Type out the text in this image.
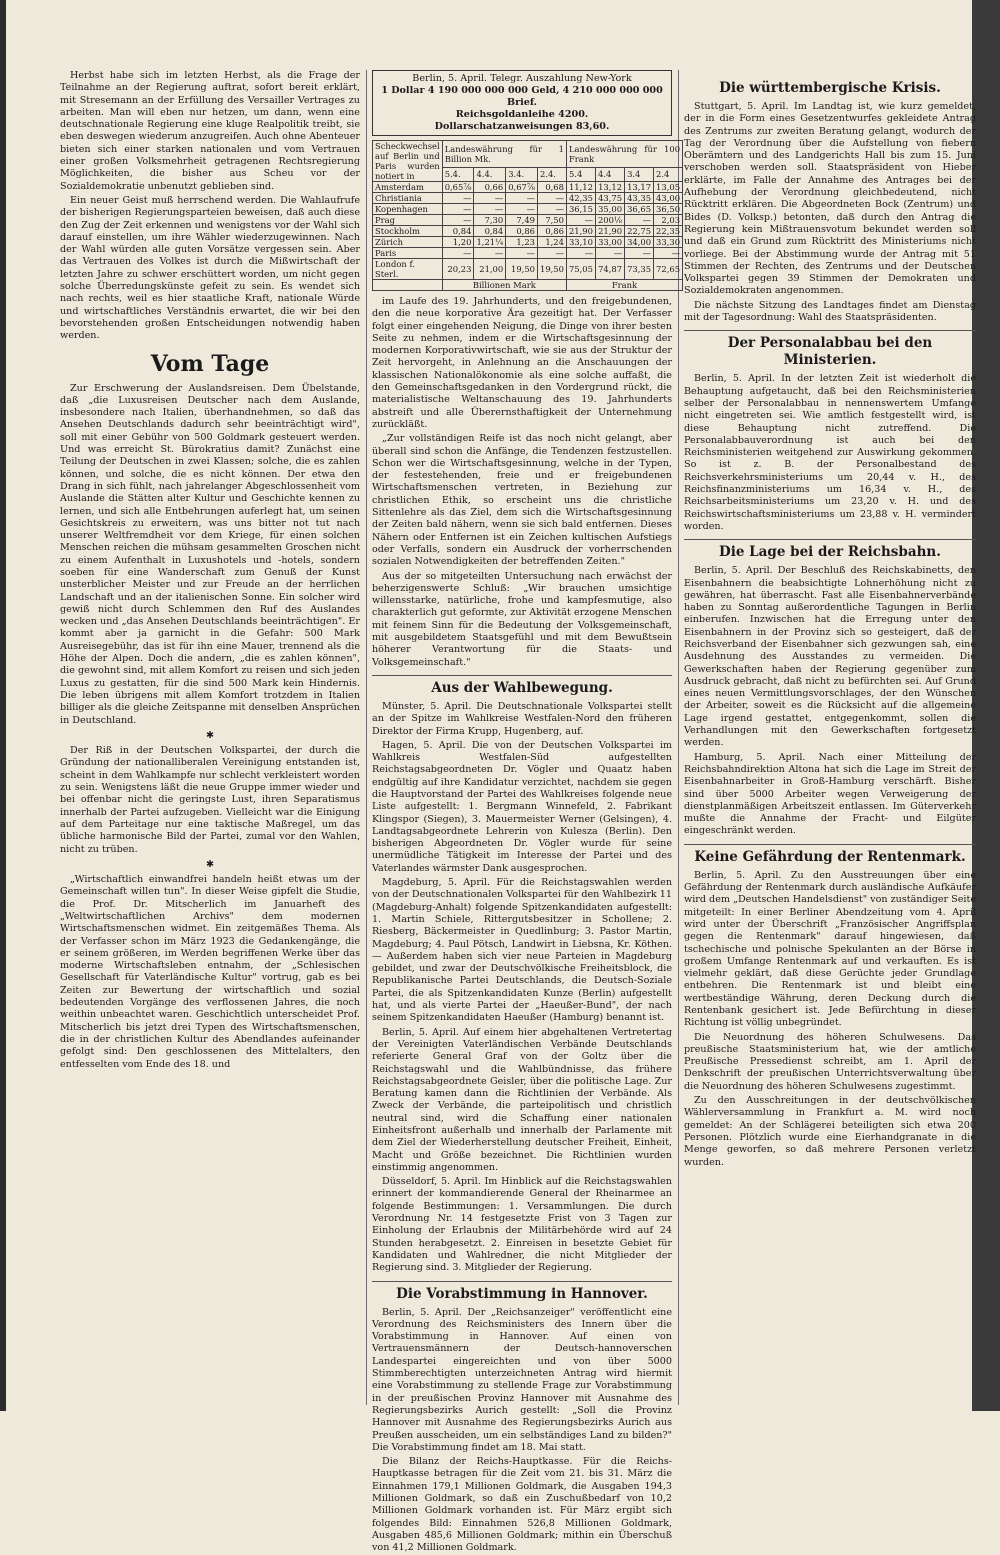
Herbst habe sich im letzten Herbst, als die Frage der Teilnahme an der Regierung auftrat, sofort bereit erklärt, mit Stresemann an der Erfüllung des Versailler Vertrages zu arbeiten. Man will eben nur hetzen, um dann, wenn eine deutschnationale Regierung eine kluge Realpolitik treibt, sie eben deswegen wiederum anzugreifen. Auch ohne Abenteuer bieten sich einer starken nationalen und vom Vertrauen einer großen Volksmehrheit getragenen Rechtsregierung Möglichkeiten, die bisher aus Scheu vor der Sozialdemokratie unbenutzt geblieben sind.

Ein neuer Geist muß herrschend werden. Die Wahlaufrufe der bisherigen Regierungsparteien beweisen, daß auch diese den Zug der Zeit erkennen und wenigstens vor der Wahl sich darauf einstellen, um ihre Wähler wiederzugewinnen. Nach der Wahl würden alle guten Vorsätze vergessen sein. Aber das Vertrauen des Volkes ist durch die Mißwirtschaft der letzten Jahre zu schwer erschüttert worden, um nicht gegen solche Überredungskünste gefeit zu sein. Es wendet sich nach rechts, weil es hier staatliche Kraft, nationale Würde und wirtschaftliches Verständnis erwartet, die wir bei den bevorstehenden großen Entscheidungen notwendig haben werden.

Vom Tage

Zur Erschwerung der Auslandsreisen. Dem Übelstande, daß „die Luxusreisen Deutscher nach dem Auslande, insbesondere nach Italien, überhandnehmen, so daß das Ansehen Deutschlands dadurch sehr beeinträchtigt wird", soll mit einer Gebühr von 500 Goldmark gesteuert werden. Und was erreicht St. Bürokratius damit? Zunächst eine Teilung der Deutschen in zwei Klassen; solche, die es zahlen können, und solche, die es nicht können. Der etwa den Drang in sich fühlt, nach jahrelanger Abgeschlossenheit vom Auslande die Stätten alter Kultur und Geschichte kennen zu lernen, und sich alle Entbehrungen auferlegt hat, um seinen Gesichtskreis zu erweitern, was uns bitter not tut nach unserer Weltfremdheit vor dem Kriege, für einen solchen Menschen reichen die mühsam gesammelten Groschen nicht zu einem Aufenthalt in Luxushotels und -hotels, sondern soeben für eine Wanderschaft zum Genuß der Kunst unsterblicher Meister und zur Freude an der herrlichen Landschaft und an der italienischen Sonne. Ein solcher wird gewiß nicht durch Schlemmen den Ruf des Auslandes wecken und „das Ansehen Deutschlands beeinträchtigen". Er kommt aber ja garnicht in die Gefahr: 500 Mark Ausreisegebühr, das ist für ihn eine Mauer, trennend als die Höhe der Alpen. Doch die andern, „die es zahlen können", die gewohnt sind, mit allem Komfort zu reisen und sich jeden Luxus zu gestatten, für die sind 500 Mark kein Hindernis. Die leben übrigens mit allem Komfort trotzdem in Italien billiger als die gleiche Zeitspanne mit denselben Ansprüchen in Deutschland.

✱

Der Riß in der Deutschen Volkspartei, der durch die Gründung der nationalliberalen Vereinigung entstanden ist, scheint in dem Wahlkampfe nur schlecht verkleistert worden zu sein. Wenigstens läßt die neue Gruppe immer wieder und bei offenbar nicht die geringste Lust, ihren Separatismus innerhalb der Partei aufzugeben. Vielleicht war die Einigung auf dem Parteitage nur eine taktische Maßregel, um das übliche harmonische Bild der Partei, zumal vor den Wahlen, nicht zu trüben.

✱

„Wirtschaftlich einwandfrei handeln heißt etwas um der Gemeinschaft willen tun". In dieser Weise gipfelt die Studie, die Prof. Dr. Mitscherlich im Januarheft des „Weltwirtschaftlichen Archivs" dem modernen Wirtschaftsmenschen widmet. Ein zeitgemäßes Thema. Als der Verfasser schon im März 1923 die Gedankengänge, die er seinem größeren, im Werden begriffenen Werke über das moderne Wirtschaftsleben entnahm, der „Schlesischen Gesellschaft für Vaterländische Kultur" vortrug, gab es bei Zeiten zur Bewertung der wirtschaftlich und sozial bedeutenden Vorgänge des verflossenen Jahres, die noch weithin unbeachtet waren. Geschichtlich unterscheidet Prof. Mitscherlich bis jetzt drei Typen des Wirtschaftsmenschen, die in der christlichen Kultur des Abendlandes aufeinander gefolgt sind: Den geschlossenen des Mittelalters, den entfesselten vom Ende des 18. und

Berlin, 5. April. Telegr. Auszahlung New-York
1 Dollar 4 190 000 000 000 Geld, 4 210 000 000 000 Brief.
Reichsgoldanleihe 4200.
Dollarschatzanweisungen 83,60.
Scheckwechsel auf Berlin und Paris wurden notiert in	Landeswährung für 1 Billion Mk.				Landeswährung für 100 Frank			
	5.4.	4.4.	3.4.	2.4.	5.4	4.4	3.4	2.4
Amsterdam	0,65⅞	0,66	0,67⅞	0,68	11,12	13,12	13,17	13,05
Christiania	—	—	—	—	42,35	43,75	43,35	43,00
Kopenhagen	—	—	—	—	36,15	35,00	36,65	36,50
Prag	—	7,30	7,49	7,50	—	200⅛	—	2,03
Stockholm	0,84	0,84	0,86	0,86	21,90	21,90	22,75	22,35
Zürich	1,20	1,21¼	1,23	1,24	33,10	33,00	34,00	33,30
Paris	—	—	—	—	—	—	—	—
London f. Sterl.	20,23	21,00	19,50	19,50	75,05	74,87	73,35	72,65
	Billionen Mark				Frank			

im Laufe des 19. Jahrhunderts, und den freigebundenen, den die neue korporative Ära gezeitigt hat. Der Verfasser folgt einer eingehenden Neigung, die Dinge von ihrer besten Seite zu nehmen, indem er die Wirtschaftsgesinnung der modernen Korporativwirtschaft, wie sie aus der Struktur der Zeit hervorgeht, in Anlehnung an die Anschauungen der klassischen Nationalökonomie als eine solche auffaßt, die den Gemeinschaftsgedanken in den Vordergrund rückt, die materialistische Weltanschauung des 19. Jahrhunderts abstreift und alle Überernsthaftigkeit der Unternehmung zurückläßt.

„Zur vollständigen Reife ist das noch nicht gelangt, aber überall sind schon die Anfänge, die Tendenzen festzustellen. Schon wer die Wirtschaftsgesinnung, welche in der Typen, der festestehenden, freie und er freigebundenen Wirtschaftsmenschen vertreten, in Beziehung zur christlichen Ethik, so erscheint uns die christliche Sittenlehre als das Ziel, dem sich die Wirtschaftsgesinnung der Zeiten bald nähern, wenn sie sich bald entfernen. Dieses Nähern oder Entfernen ist ein Zeichen kultischen Aufstiegs oder Verfalls, sondern ein Ausdruck der vorherrschenden sozialen Notwendigkeiten der betreffenden Zeiten."

Aus der so mitgeteilten Untersuchung nach erwächst der beherzigenswerte Schluß: „Wir brauchen umsichtige willensstarke, natürliche, frohe und kampfesmutige, also charakterlich gut geformte, zur Aktivität erzogene Menschen mit feinem Sinn für die Bedeutung der Volksgemeinschaft, mit ausgebildetem Staatsgefühl und mit dem Bewußtsein höherer Verantwortung für die Staats- und Volksgemeinschaft."

Aus der Wahlbewegung.

Münster, 5. April. Die Deutschnationale Volkspartei stellt an der Spitze im Wahlkreise Westfalen-Nord den früheren Direktor der Firma Krupp, Hugenberg, auf.

Hagen, 5. April. Die von der Deutschen Volkspartei im Wahlkreis Westfalen-Süd aufgestellten Reichstagsabgeordneten Dr. Vögler und Quaatz haben endgültig auf ihre Kandidatur verzichtet, nachdem sie gegen die Hauptvorstand der Partei des Wahlkreises folgende neue Liste aufgestellt: 1. Bergmann Winnefeld, 2. Fabrikant Klingspor (Siegen), 3. Mauermeister Werner (Gelsingen), 4. Landtagsabgeordnete Lehrerin von Kulesza (Berlin). Den bisherigen Abgeordneten Dr. Vögler wurde für seine unermüdliche Tätigkeit im Interesse der Partei und des Vaterlandes wärmster Dank ausgesprochen.

Magdeburg, 5. April. Für die Reichstagswahlen werden von der Deutschnationalen Volkspartei für den Wahlbezirk 11 (Magdeburg-Anhalt) folgende Spitzenkandidaten aufgestellt: 1. Martin Schiele, Rittergutsbesitzer in Schollene; 2. Riesberg, Bäckermeister in Quedlinburg; 3. Pastor Martin, Magdeburg; 4. Paul Pötsch, Landwirt in Liebsna, Kr. Köthen. — Außerdem haben sich vier neue Parteien in Magdeburg gebildet, und zwar der Deutschvölkische Freiheitsblock, die Republikanische Partei Deutschlands, die Deutsch-Soziale Partei, die als Spitzenkandidaten Kunze (Berlin) aufgestellt hat, und als vierte Partei der „Haeußer-Bund", der nach seinem Spitzenkandidaten Haeußer (Hamburg) benannt ist.

Berlin, 5. April. Auf einem hier abgehaltenen Vertretertag der Vereinigten Vaterländischen Verbände Deutschlands referierte General Graf von der Goltz über die Reichstagswahl und die Wahlbündnisse, das frühere Reichstagsabgeordnete Geisler, über die politische Lage. Zur Beratung kamen dann die Richtlinien der Verbände. Als Zweck der Verbände, die parteipolitisch und christlich neutral sind, wird die Schaffung einer nationalen Einheitsfront außerhalb und innerhalb der Parlamente mit dem Ziel der Wiederherstellung deutscher Freiheit, Einheit, Macht und Größe bezeichnet. Die Richtlinien wurden einstimmig angenommen.

Düsseldorf, 5. April. Im Hinblick auf die Reichstagswahlen erinnert der kommandierende General der Rheinarmee an folgende Bestimmungen: 1. Versammlungen. Die durch Verordnung Nr. 14 festgesetzte Frist von 3 Tagen zur Einholung der Erlaubnis der Militärbehörde wird auf 24 Stunden herabgesetzt. 2. Einreisen in besetzte Gebiet für Kandidaten und Wahlredner, die nicht Mitglieder der Regierung sind. 3. Mitglieder der Regierung.

Die Vorabstimmung in Hannover.

Berlin, 5. April. Der „Reichsanzeiger" veröffentlicht eine Verordnung des Reichsministers des Innern über die Vorabstimmung in Hannover. Auf einen von Vertrauensmännern der Deutsch-hannoverschen Landespartei eingereichten und von über 5000 Stimmberechtigten unterzeichneten Antrag wird hiermit eine Vorabstimmung zu stellende Frage zur Vorabstimmung in der preußischen Provinz Hannover mit Ausnahme des Regierungsbezirks Aurich gestellt: „Soll die Provinz Hannover mit Ausnahme des Regierungsbezirks Aurich aus Preußen ausscheiden, um ein selbständiges Land zu bilden?" Die Vorabstimmung findet am 18. Mai statt.

Die Bilanz der Reichs-Hauptkasse. Für die Reichs-Hauptkasse betragen für die Zeit vom 21. bis 31. März die Einnahmen 179,1 Millionen Goldmark, die Ausgaben 194,3 Millionen Goldmark, so daß ein Zuschußbedarf von 10,2 Millionen Goldmark vorhanden ist. Für März ergibt sich folgendes Bild: Einnahmen 526,8 Millionen Goldmark, Ausgaben 485,6 Millionen Goldmark; mithin ein Überschuß von 41,2 Millionen Goldmark.

Die württembergische Krisis.

Stuttgart, 5. April. Im Landtag ist, wie kurz gemeldet, der in die Form eines Gesetzentwurfes gekleidete Antrag des Zentrums zur zweiten Beratung gelangt, wodurch der Tag der Verordnung über die Aufstellung von fiebern Oberämtern und des Landgerichts Hall bis zum 15. Juni verschoben werden soll. Staatspräsident von Hieber erklärte, im Falle der Annahme des Antrages bei der Aufhebung der Verordnung gleichbedeutend, nicht Rücktritt erklären. Die Abgeordneten Bock (Zentrum) und Bides (D. Volksp.) betonten, daß durch den Antrag die Regierung kein Mißtrauensvotum bekundet werden soll und daß ein Grund zum Rücktritt des Ministeriums nicht vorliege. Bei der Abstimmung wurde der Antrag mit 51 Stimmen der Rechten, des Zentrums und der Deutschen Volkspartei gegen 39 Stimmen der Demokraten und Sozialdemokraten angenommen.

Die nächste Sitzung des Landtages findet am Dienstag mit der Tagesordnung: Wahl des Staatspräsidenten.

Der Personalabbau bei den Ministerien.

Berlin, 5. April. In der letzten Zeit ist wiederholt die Behauptung aufgetaucht, daß bei den Reichsministerien selber der Personalabbau in nennenswertem Umfange nicht eingetreten sei. Wie amtlich festgestellt wird, ist diese Behauptung nicht zutreffend. Die Personalabbauverordnung ist auch bei den Reichsministerien weitgehend zur Auswirkung gekommen. So ist z. B. der Personalbestand des Reichsverkehrsministeriums um 20,44 v. H., des Reichsfinanzministeriums um 16,34 v. H., des Reichsarbeitsministeriums um 23,20 v. H. und des Reichswirtschaftsministeriums um 23,88 v. H. vermindert worden.

Die Lage bei der Reichsbahn.

Berlin, 5. April. Der Beschluß des Reichskabinetts, den Eisenbahnern die beabsichtigte Lohnerhöhung nicht zu gewähren, hat überrascht. Fast alle Eisenbahnerverbände haben zu Sonntag außerordentliche Tagungen in Berlin einberufen. Inzwischen hat die Erregung unter den Eisenbahnern in der Provinz sich so gesteigert, daß der Reichsverband der Eisenbahner sich gezwungen sah, eine Ausdehnung des Ausstandes zu vermeiden. Die Gewerkschaften haben der Regierung gegenüber zum Ausdruck gebracht, daß nicht zu befürchten sei. Auf Grund eines neuen Vermittlungsvorschlages, der den Wünschen der Arbeiter, soweit es die Rücksicht auf die allgemeine Lage irgend gestattet, entgegenkommt, sollen die Verhandlungen mit den Gewerkschaften fortgesetzt werden.

Hamburg, 5. April. Nach einer Mitteilung der Reichsbahndirektion Altona hat sich die Lage im Streit der Eisenbahnarbeiter in Groß-Hamburg verschärft. Bisher sind über 5000 Arbeiter wegen Verweigerung der dienstplanmäßigen Arbeitszeit entlassen. Im Güterverkehr mußte die Annahme der Fracht- und Eilgüter eingeschränkt werden.

Keine Gefährdung der Rentenmark.

Berlin, 5. April. Zu den Ausstreuungen über eine Gefährdung der Rentenmark durch ausländische Aufkäufer wird dem „Deutschen Handelsdienst" von zuständiger Seite mitgeteilt: In einer Berliner Abendzeitung vom 4. April wird unter der Überschrift „Französischer Angriffsplan gegen die Rentenmark" darauf hingewiesen, daß tschechische und polnische Spekulanten an der Börse in großem Umfange Rentenmark auf und verkauften. Es ist vielmehr geklärt, daß diese Gerüchte jeder Grundlage entbehren. Die Rentenmark ist und bleibt eine wertbeständige Währung, deren Deckung durch die Rentenbank gesichert ist. Jede Befürchtung in dieser Richtung ist völlig unbegründet.

Die Neuordnung des höheren Schulwesens. Das preußische Staatsministerium hat, wie der amtliche Preußische Pressedienst schreibt, am 1. April der Denkschrift der preußischen Unterrichtsverwaltung über die Neuordnung des höheren Schulwesens zugestimmt.

Zu den Ausschreitungen in der deutschvölkischen Wählerversammlung in Frankfurt a. M. wird noch gemeldet: An der Schlägerei beteiligten sich etwa 200 Personen. Plötzlich wurde eine Eierhandgranate in die Menge geworfen, so daß mehrere Personen verletzt wurden.
